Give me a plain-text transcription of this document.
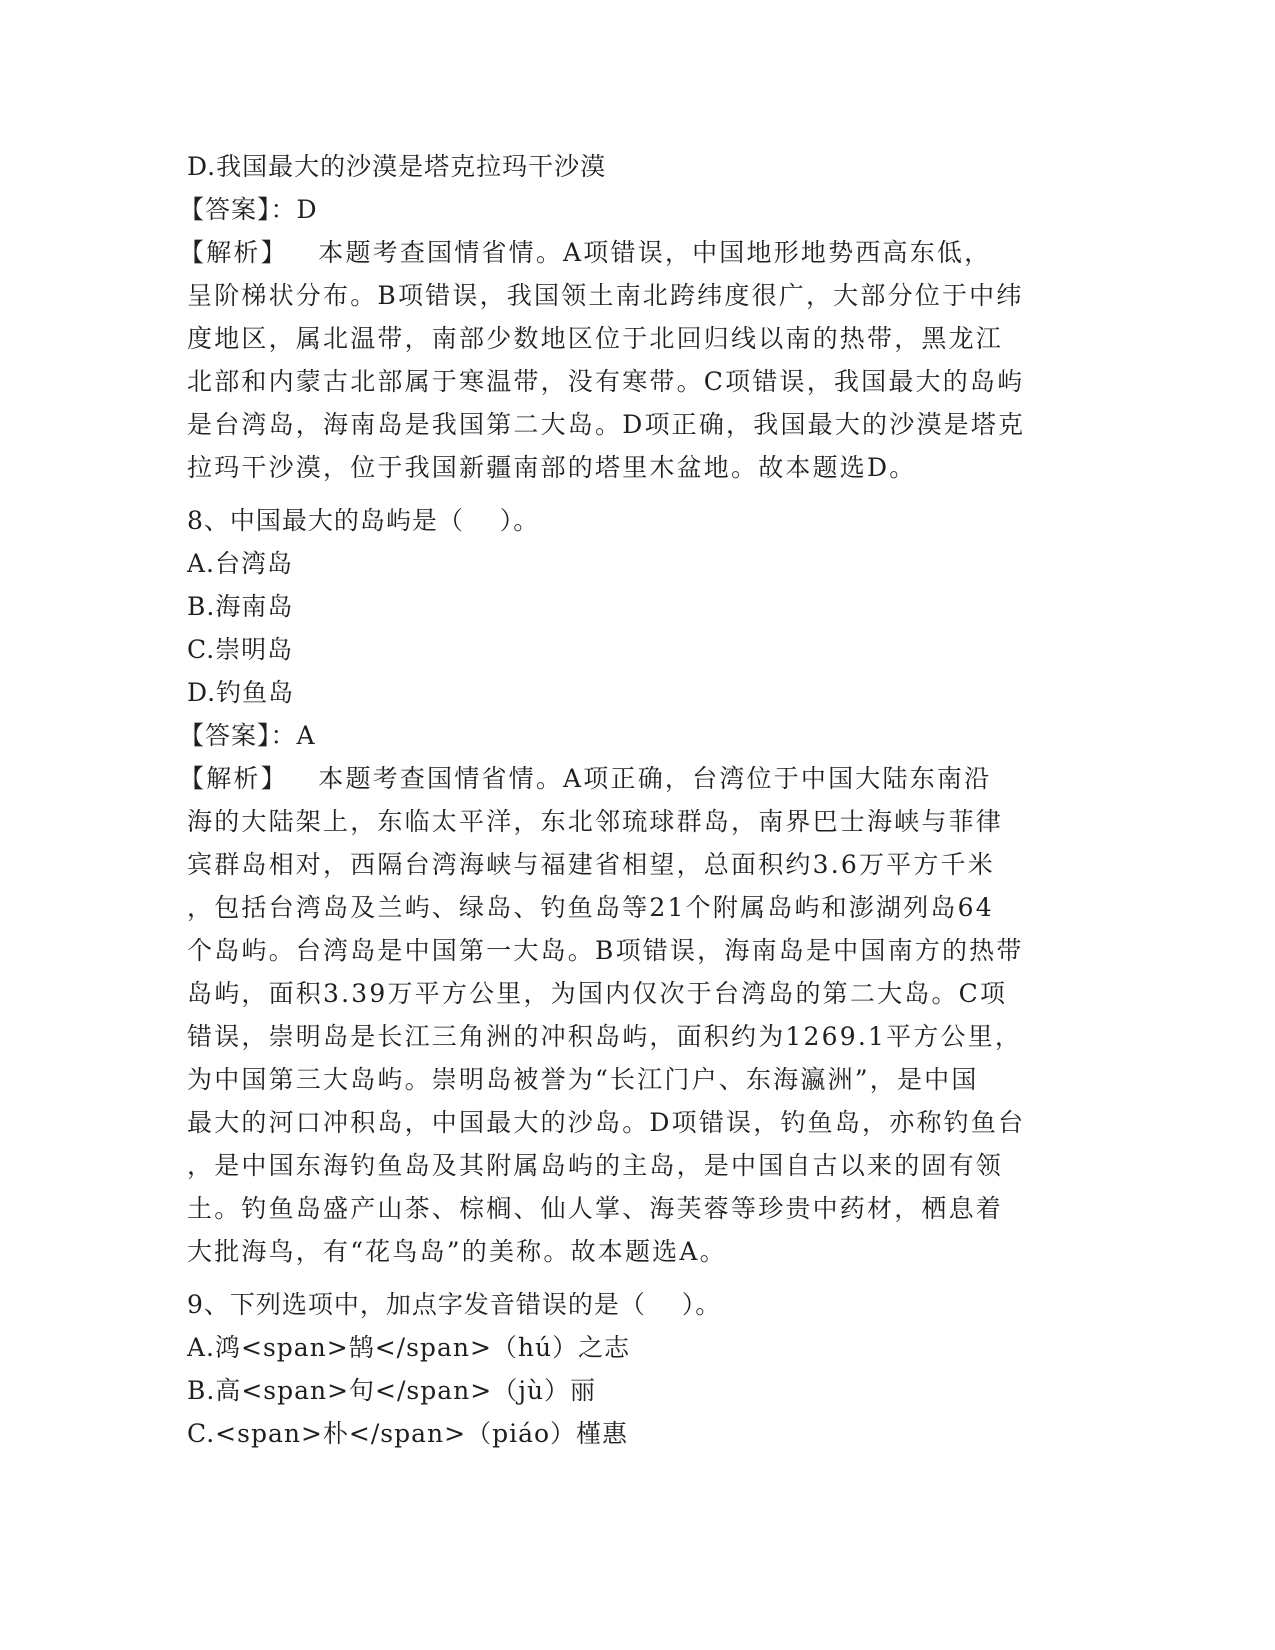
D.我国最大的沙漠是塔克拉玛干沙漠
【答案】：D
【解析】   本题考查国情省情。A项错误，中国地形地势西高东低，
呈阶梯状分布。B项错误，我国领土南北跨纬度很广，大部分位于中纬
度地区，属北温带，南部少数地区位于北回归线以南的热带，黑龙江
北部和内蒙古北部属于寒温带，没有寒带。C项错误，我国最大的岛屿
是台湾岛，海南岛是我国第二大岛。D项正确，我国最大的沙漠是塔克
拉玛干沙漠，位于我国新疆南部的塔里木盆地。故本题选D。
8、中国最大的岛屿是（    ）。
A.台湾岛
B.海南岛
C.崇明岛
D.钓鱼岛
【答案】：A
【解析】   本题考查国情省情。A项正确，台湾位于中国大陆东南沿
海的大陆架上，东临太平洋，东北邻琉球群岛，南界巴士海峡与菲律
宾群岛相对，西隔台湾海峡与福建省相望，总面积约3.6万平方千米
，包括台湾岛及兰屿、绿岛、钓鱼岛等21个附属岛屿和澎湖列岛64
个岛屿。台湾岛是中国第一大岛。B项错误，海南岛是中国南方的热带
岛屿，面积3.39万平方公里，为国内仅次于台湾岛的第二大岛。C项
错误，崇明岛是长江三角洲的冲积岛屿，面积约为1269.1平方公里，
为中国第三大岛屿。崇明岛被誉为“长江门户、东海瀛洲”，是中国
最大的河口冲积岛，中国最大的沙岛。D项错误，钓鱼岛，亦称钓鱼台
，是中国东海钓鱼岛及其附属岛屿的主岛，是中国自古以来的固有领
土。钓鱼岛盛产山茶、棕榈、仙人掌、海芙蓉等珍贵中药材，栖息着
大批海鸟，有“花鸟岛”的美称。故本题选A。
9、下列选项中，加点字发音错误的是（    ）。
A.鸿<span>鹄</span>（hú）之志
B.高<span>句</span>（jù）丽
C.<span>朴</span>（piáo）槿惠
